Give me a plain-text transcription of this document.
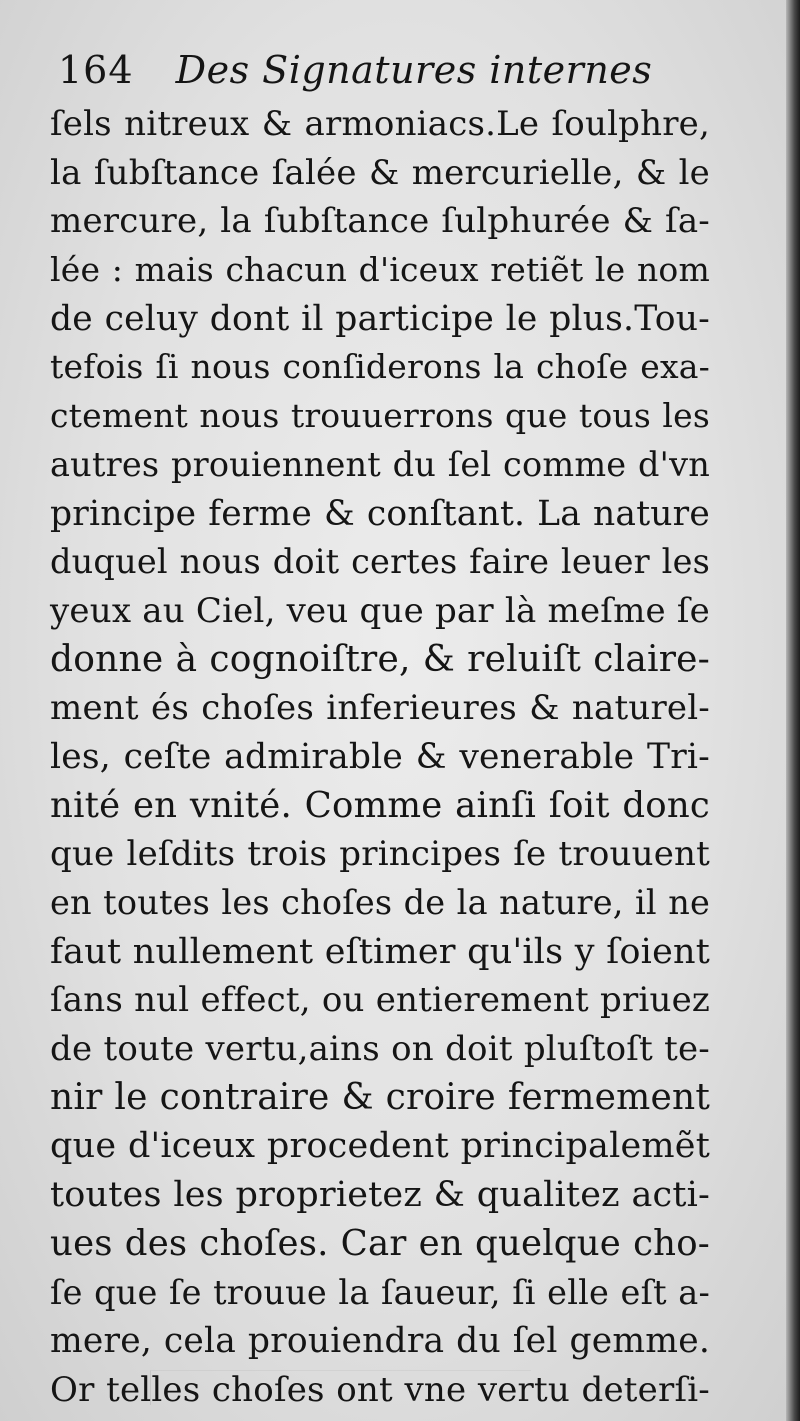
164 Des Signatures internes
ſels nitreux & armoniacs.Le ſoulphre,
la ſubſtance ſalée & mercurielle, & le
mercure, la ſubſtance ſulphurée & ſa-
lée : mais chacun d'iceux retiẽt le nom
de celuy dont il participe le plus.Tou-
tefois ſi nous conſiderons la choſe exa-
ctement nous trouuerrons que tous les
autres prouiennent du ſel comme d'vn
principe ferme & conſtant. La nature
duquel nous doit certes faire leuer les
yeux au Ciel, veu que par là meſme ſe
donne à cognoiſtre, & reluiſt claire-
ment és choſes inferieures & naturel-
les, ceſte admirable & venerable Tri-
nité en vnité. Comme ainſi ſoit donc
que leſdits trois principes ſe trouuent
en toutes les choſes de la nature, il ne
faut nullement eſtimer qu'ils y ſoient
ſans nul effect, ou entierement priuez
de toute vertu,ains on doit pluſtoſt te-
nir le contraire & croire fermement
que d'iceux procedent principalemẽt
toutes les proprietez & qualitez acti-
ues des choſes. Car en quelque cho-
ſe que ſe trouue la ſaueur, ſi elle eſt a-
mere, cela prouiendra du ſel gemme.
Or telles choſes ont vne vertu deterſi-
